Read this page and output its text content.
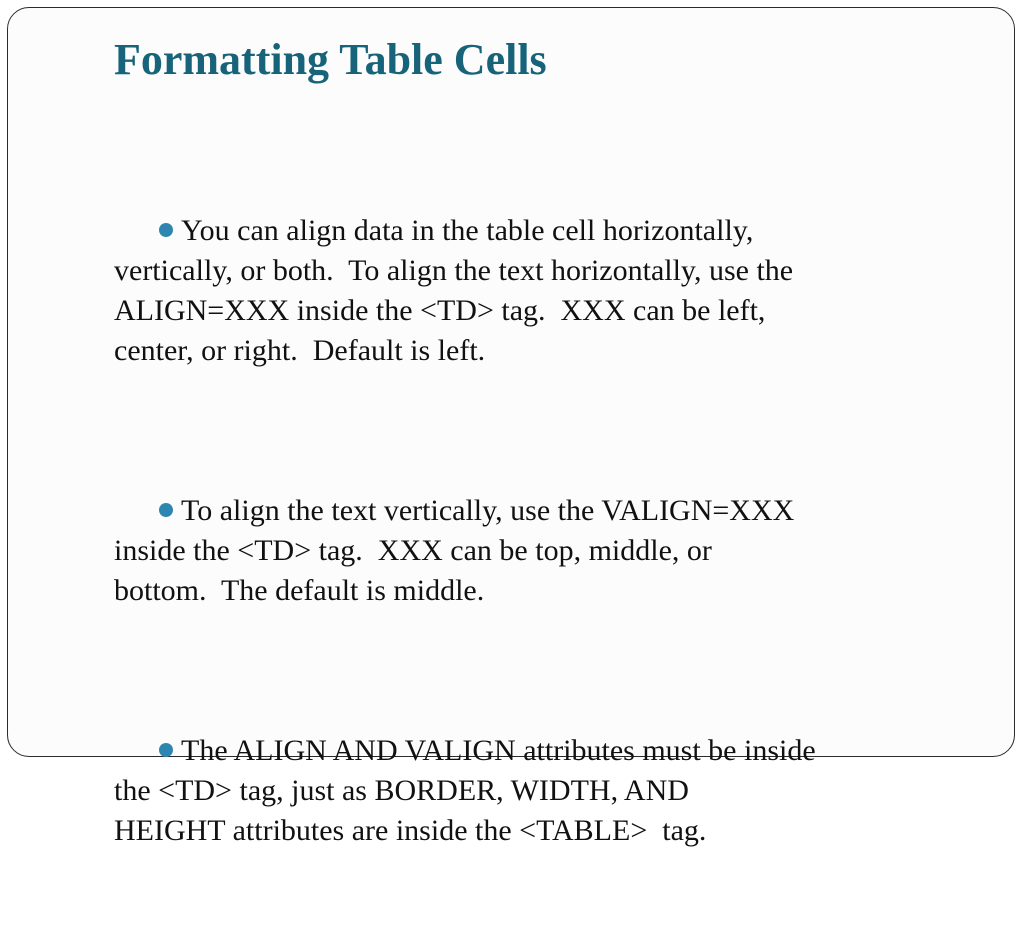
Formatting Table Cells

You can align data in the table cell horizontally,
vertically, or both.  To align the text horizontally, use the
ALIGN=XXX inside the <TD> tag.  XXX can be left,
center, or right.  Default is left.

To align the text vertically, use the VALIGN=XXX
inside the <TD> tag.  XXX can be top, middle, or
bottom.  The default is middle.

The ALIGN AND VALIGN attributes must be inside
the <TD> tag, just as BORDER, WIDTH, AND
HEIGHT attributes are inside the <TABLE>  tag.
